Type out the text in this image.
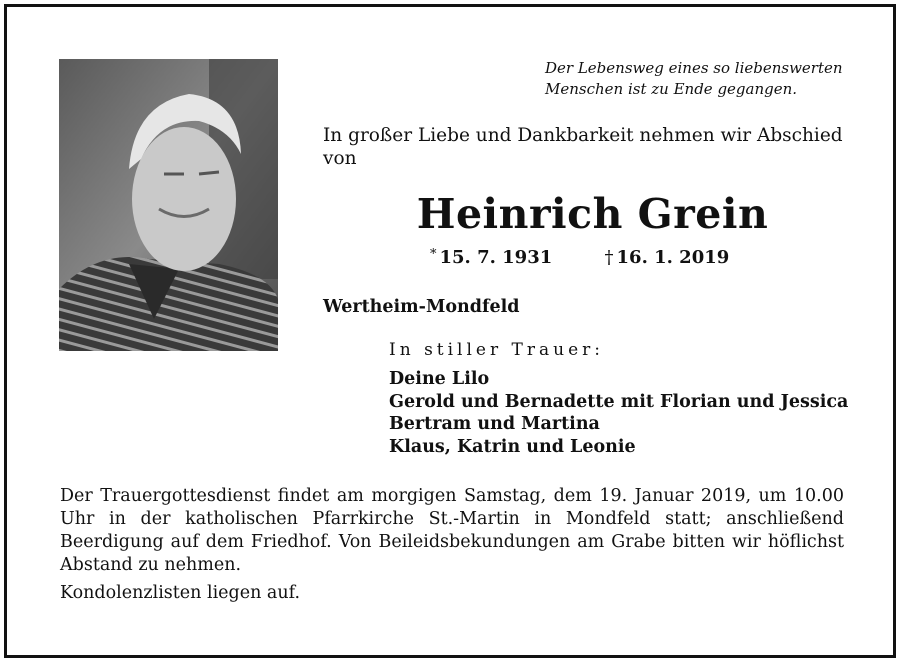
Der Lebensweg eines so liebenswerten
Menschen ist zu Ende gegangen.
In großer Liebe und Dankbarkeit nehmen wir Abschied
von
Heinrich Grein
* 15. 7. 1931	† 16. 1. 2019
Wertheim-Mondfeld
In stiller Trauer:
Deine Lilo
Gerold und Bernadette mit Florian und Jessica
Bertram und Martina
Klaus, Katrin und Leonie

Der Trauergottesdienst findet am morgigen Samstag, dem 19. Januar 2019, um 10.00 Uhr in der katholischen Pfarrkirche St.-Martin in Mondfeld statt; anschließend Beerdigung auf dem Friedhof. Von Beileidsbekundungen am Grabe bitten wir höflichst Abstand zu nehmen.

Kondolenzlisten liegen auf.
